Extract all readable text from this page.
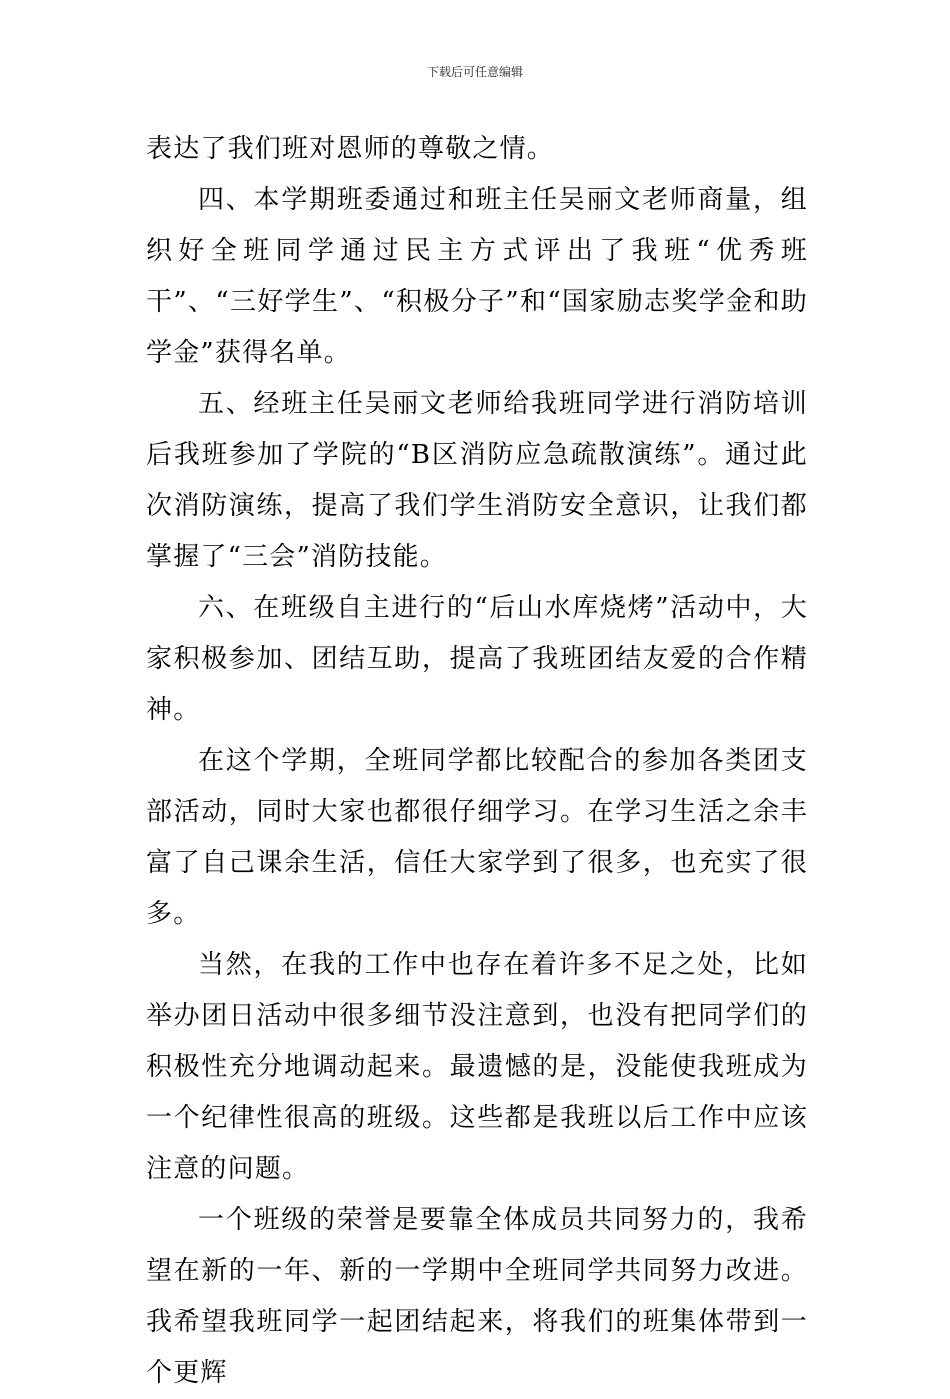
下载后可任意编辑

表达了我们班对恩师的尊敬之情。

四、本学期班委通过和班主任吴丽文老师商量，组织好全班同学通过民主方式评出了我班“优秀班干”、“三好学生”、“积极分子”和“国家励志奖学金和助学金”获得名单。

五、经班主任吴丽文老师给我班同学进行消防培训后我班参加了学院的“B区消防应急疏散演练”。通过此次消防演练，提高了我们学生消防安全意识，让我们都掌握了“三会”消防技能。

六、在班级自主进行的“后山水库烧烤”活动中，大家积极参加、团结互助，提高了我班团结友爱的合作精神。

在这个学期，全班同学都比较配合的参加各类团支部活动，同时大家也都很仔细学习。在学习生活之余丰富了自己课余生活，信任大家学到了很多，也充实了很多。

当然，在我的工作中也存在着许多不足之处，比如举办团日活动中很多细节没注意到，也没有把同学们的积极性充分地调动起来。最遗憾的是，没能使我班成为一个纪律性很高的班级。这些都是我班以后工作中应该注意的问题。

一个班级的荣誉是要靠全体成员共同努力的，我希望在新的一年、新的一学期中全班同学共同努力改进。我希望我班同学一起团结起来，将我们的班集体带到一个更辉
